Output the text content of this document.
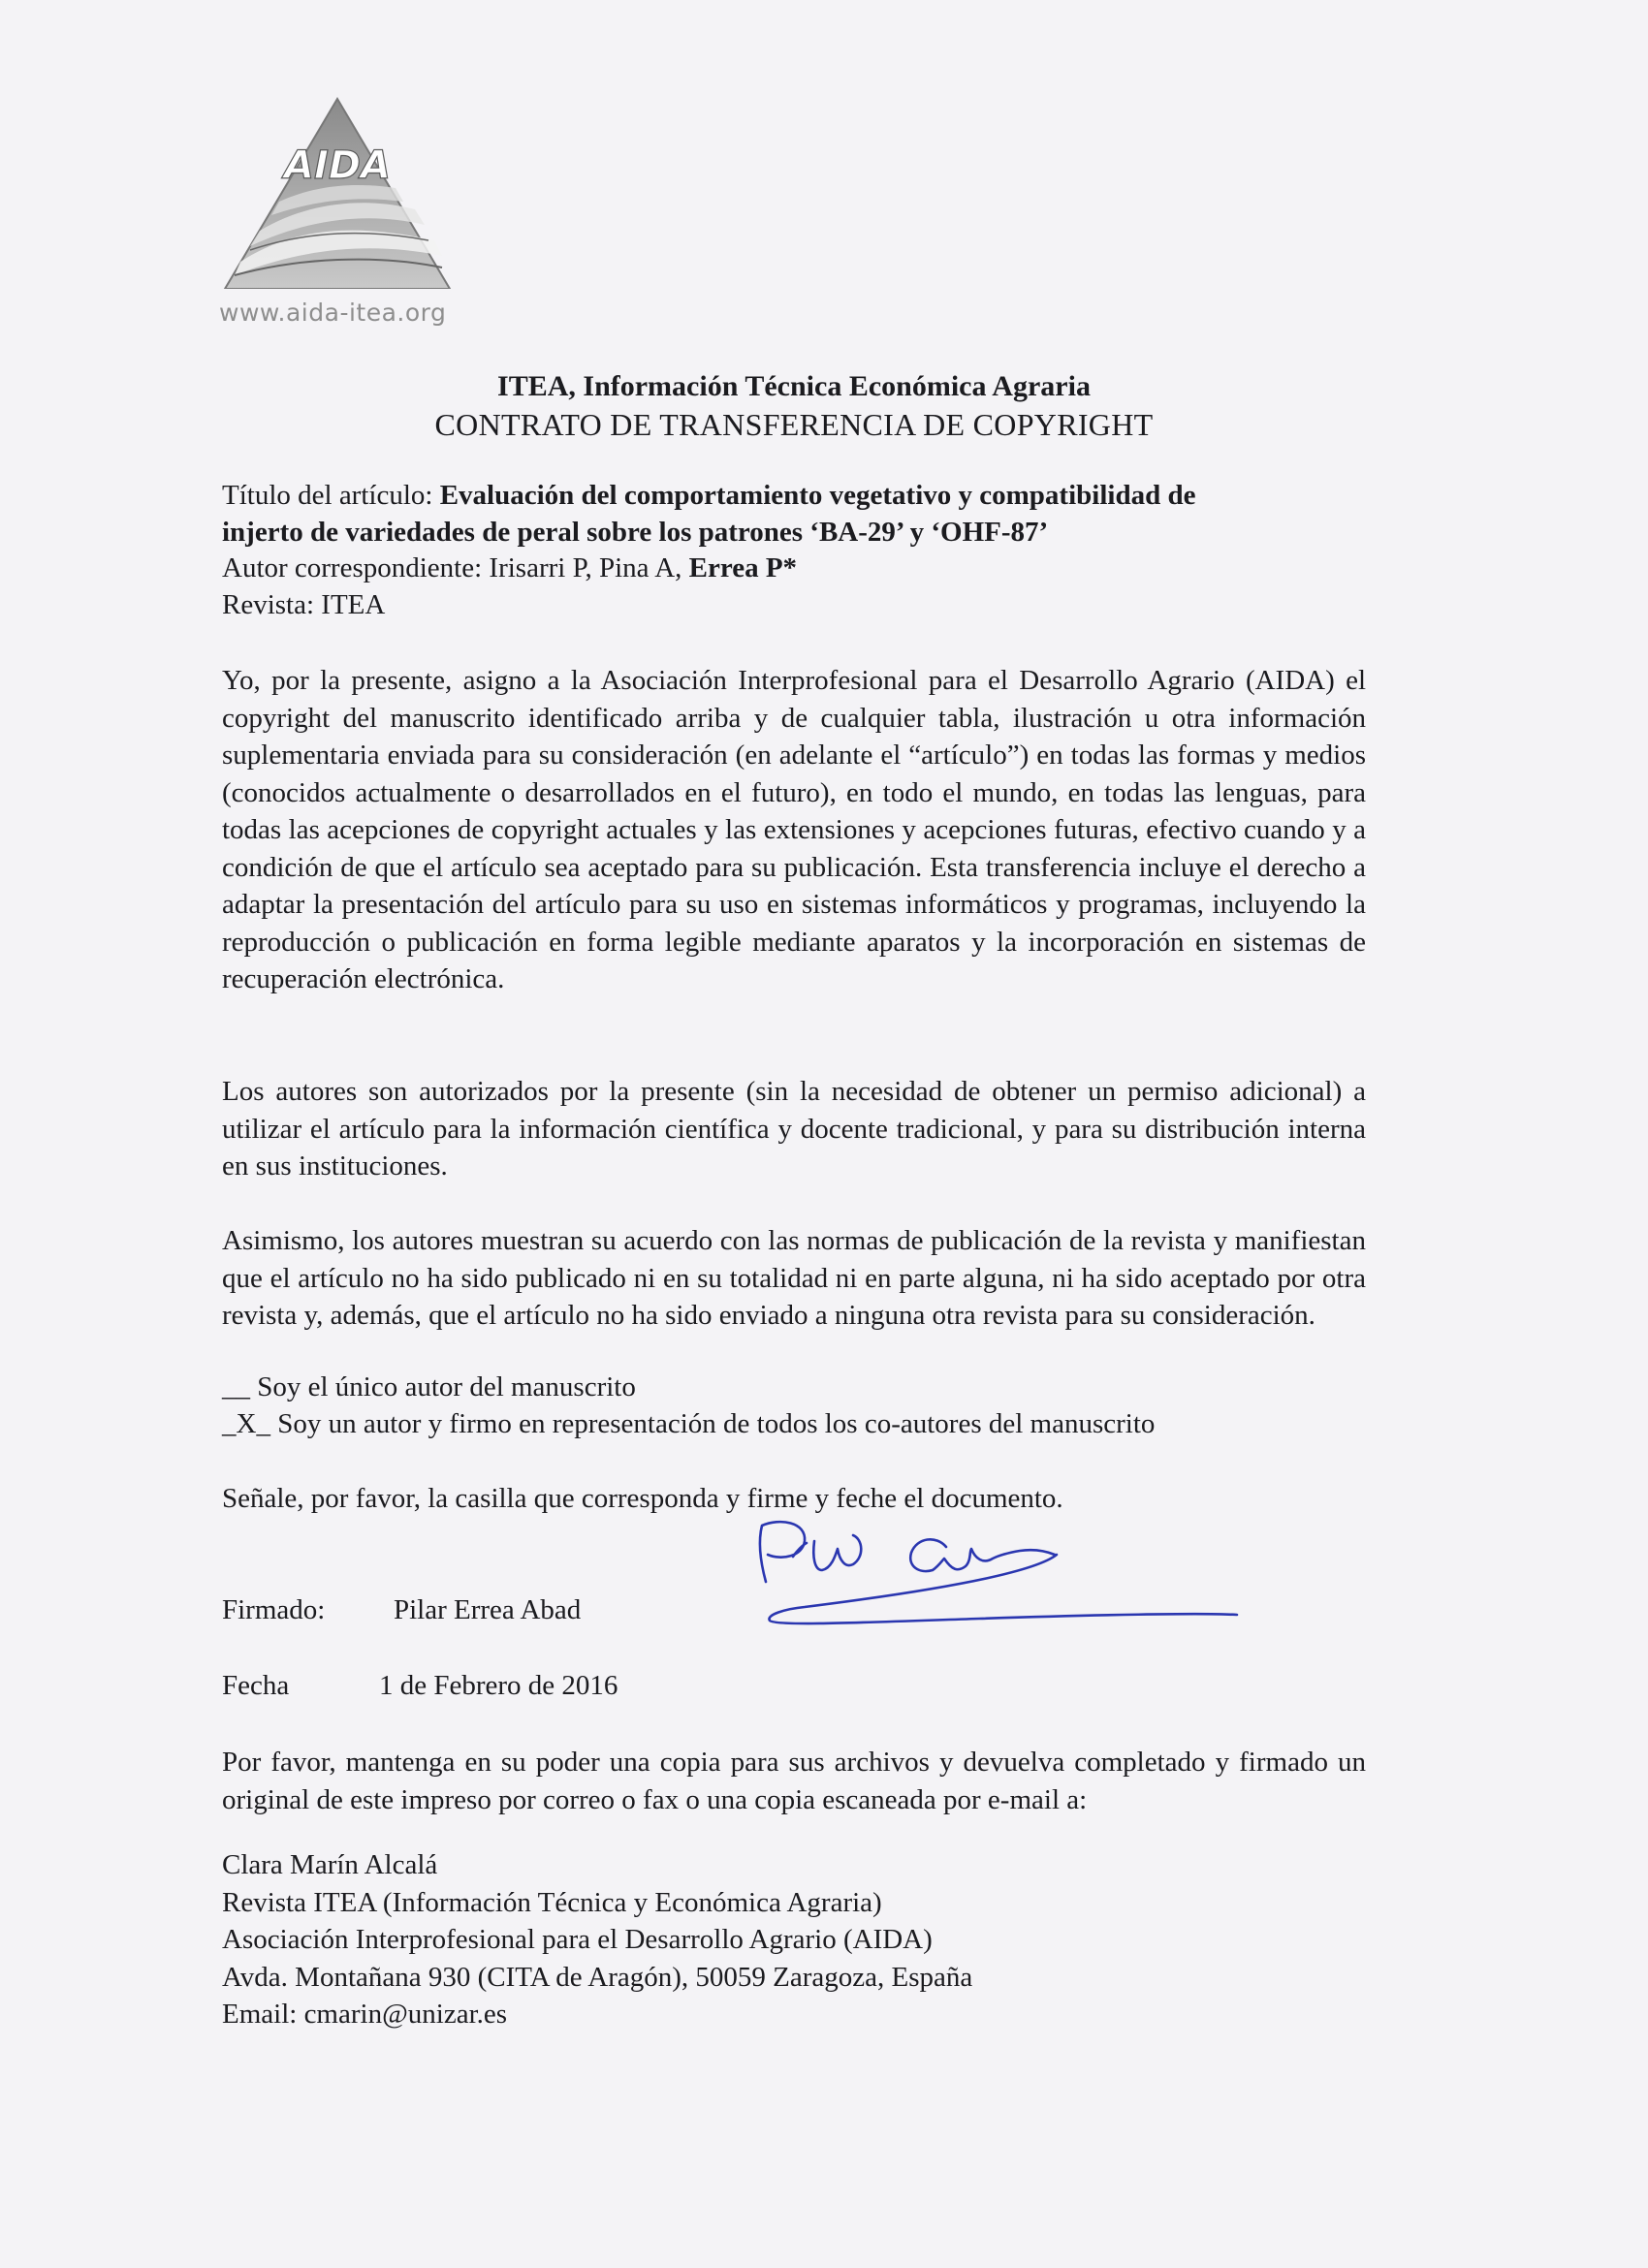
AIDA
www.aida-itea.org
ITEA, Información Técnica Económica Agraria
CONTRATO DE TRANSFERENCIA DE COPYRIGHT
Título del artículo: Evaluación del comportamiento vegetativo y compatibilidad de
injerto de variedades de peral sobre los patrones ‘BA-29’ y ‘OHF-87’
Autor correspondiente: Irisarri P, Pina A, Errea P*
Revista: ITEA

Yo, por la presente, asigno a la Asociación Interprofesional para el Desarrollo Agrario (AIDA) el copyright del manuscrito identificado arriba y de cualquier tabla, ilustración u otra información suplementaria enviada para su consideración (en adelante el “artículo”) en todas las formas y medios (conocidos actualmente o desarrollados en el futuro), en todo el mundo, en todas las lenguas, para todas las acepciones de copyright actuales y las extensiones y acepciones futuras, efectivo cuando y a condición de que el artículo sea aceptado para su publicación. Esta transferencia incluye el derecho a adaptar la presentación del artículo para su uso en sistemas informáticos y programas, incluyendo la reproducción o publicación en forma legible mediante aparatos y la incorporación en sistemas de recuperación electrónica.

Los autores son autorizados por la presente (sin la necesidad de obtener un permiso adicional) a utilizar el artículo para la información científica y docente tradicional, y para su distribución interna en sus instituciones.

Asimismo, los autores muestran su acuerdo con las normas de publicación de la revista y manifiestan que el artículo no ha sido publicado ni en su totalidad ni en parte alguna, ni ha sido aceptado por otra revista y, además, que el artículo no ha sido enviado a ninguna otra revista para su consideración.

__ Soy el único autor del manuscrito
_X_ Soy un autor y firmo en representación de todos los co-autores del manuscrito
Señale, por favor, la casilla que corresponda y firme y feche el documento.
Firmado: Pilar Errea Abad
Fecha	1 de Febrero de 2016

Por favor, mantenga en su poder una copia para sus archivos y devuelva completado y firmado un original de este impreso por correo o fax o una copia escaneada por e-mail a:

Clara Marín Alcalá
Revista ITEA (Información Técnica y Económica Agraria)
Asociación Interprofesional para el Desarrollo Agrario (AIDA)
Avda. Montañana 930 (CITA de Aragón), 50059 Zaragoza, España
Email: cmarin@unizar.es
